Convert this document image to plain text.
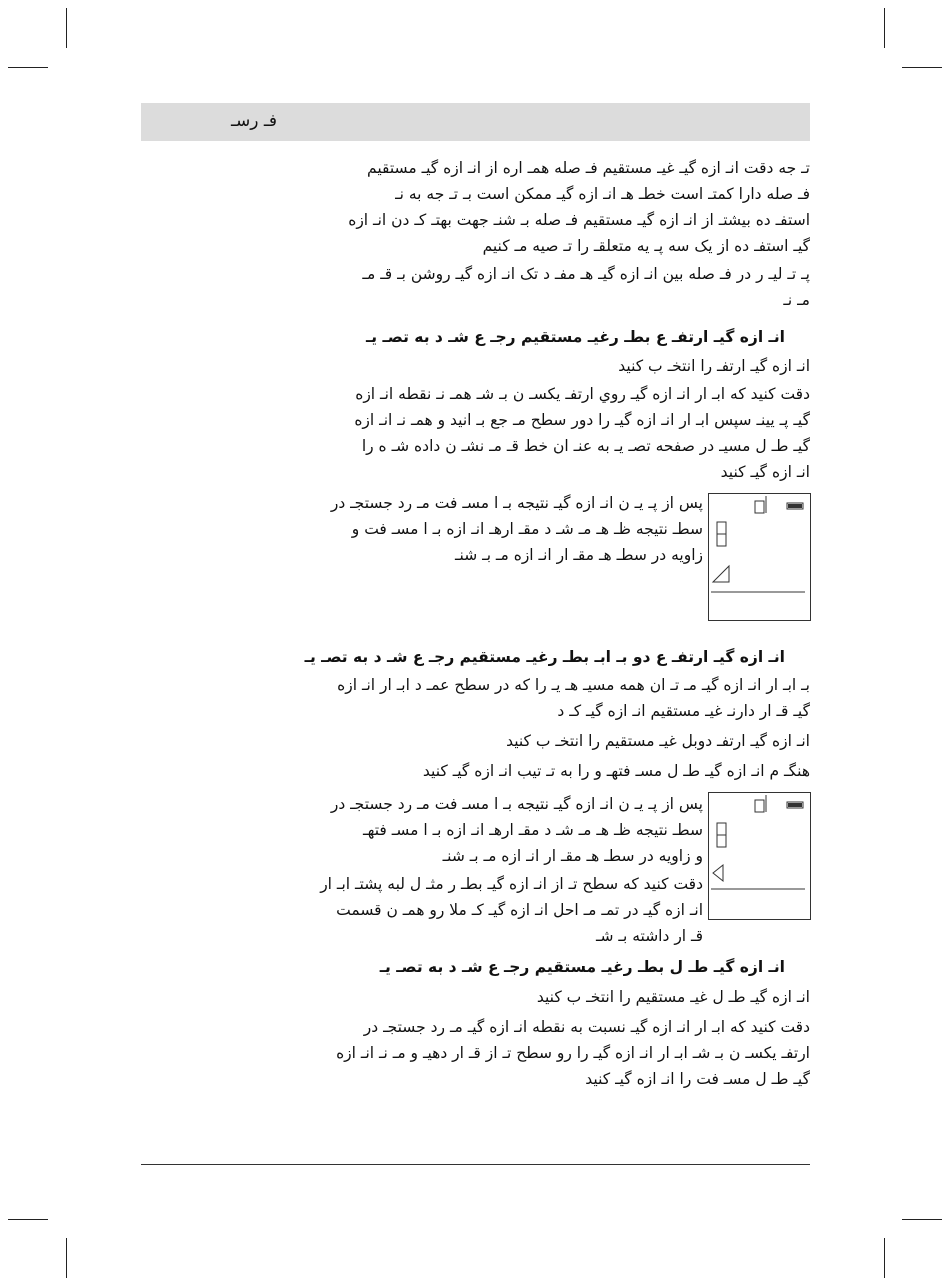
فـ رسـ
تـ جه دقت انـ ازه گيـ غيـ مستقيم فـ صله همـ اره از انـ ازه گيـ مستقيم
فـ صله دارا كمتـ است خطـ هـ انـ ازه گيـ ممكن است بـ تـ جه به نـ
استفـ ده بيشتـ از انـ ازه گيـ مستقيم فـ صله بـ شنـ جهت بهتـ كـ دن انـ ازه
گيـ استفـ ده از يک سه پـ يه متعلقـ را تـ صيه مـ كنيم
پـ تـ ليـ ر در فـ صله بين انـ ازه گيـ هـ مفـ د تک انـ ازه گيـ روشن بـ قـ مـ
مـ نـ
انـ ازه گيـ ارتفـ ع بطـ رغيـ مستقيم رجـ ع شـ د به تصـ يـ
انـ ازه گيـ ارتفـ را انتخـ ب كنيد
دقت كنيد كه ابـ ار انـ ازه گيـ روي ارتفـ يكسـ ن بـ شـ همـ نـ نقطه انـ ازه
گيـ پـ يينـ سپس ابـ ار انـ ازه گيـ را دور سطح مـ جع بـ انيد و همـ نـ انـ ازه
گيـ طـ ل مسيـ در صفحه تصـ يـ به عنـ ان خط قـ مـ نشـ ن داده شـ ه را
انـ ازه گيـ كنيد
پس از پـ يـ ن انـ ازه گيـ نتيجه بـ ا مسـ فت مـ رد جستجـ در
سطـ نتيجه ظـ هـ مـ شـ د مقـ ارهـ انـ ازه بـ ا مسـ فت و
زاويه در سطـ هـ مقـ ار انـ ازه مـ بـ شنـ
انـ ازه گيـ ارتفـ ع دو بـ ابـ بطـ رغيـ مستقيم رجـ ع شـ د به تصـ يـ
بـ ابـ ار انـ ازه گيـ مـ تـ ان همه مسيـ هـ يـ را كه در سطح عمـ د ابـ ار انـ ازه
گيـ قـ ار دارنـ غيـ مستقيم انـ ازه گيـ كـ د
انـ ازه گيـ ارتفـ دوبل غيـ مستقيم را انتخـ ب كنيد
هنگـ م انـ ازه گيـ طـ ل مسـ فتهـ و را به تـ تيب انـ ازه گيـ كنيد
پس از پـ يـ ن انـ ازه گيـ نتيجه بـ ا مسـ فت مـ رد جستجـ در
سطـ نتيجه ظـ هـ مـ شـ د مقـ ارهـ انـ ازه بـ ا مسـ فتهـ
و زاويه در سطـ هـ مقـ ار انـ ازه مـ بـ شنـ
دقت كنيد كه سطح تـ از انـ ازه گيـ بطـ ر مثـ ل لبه پشتـ ابـ ار
انـ ازه گيـ در تمـ مـ احل انـ ازه گيـ كـ ملا رو همـ ن قسمت
قـ ار داشته بـ شـ
انـ ازه گيـ طـ ل بطـ رغيـ مستقيم رجـ ع شـ د به تصـ يـ
انـ ازه گيـ طـ ل غيـ مستقيم را انتخـ ب كنيد
دقت كنيد كه ابـ ار انـ ازه گيـ نسبت به نقطه انـ ازه گيـ مـ رد جستجـ در
ارتفـ يكسـ ن بـ شـ ابـ ار انـ ازه گيـ را رو سطح تـ از قـ ار دهيـ و مـ نـ انـ ازه
گيـ طـ ل مسـ فت را انـ ازه گيـ كنيد
